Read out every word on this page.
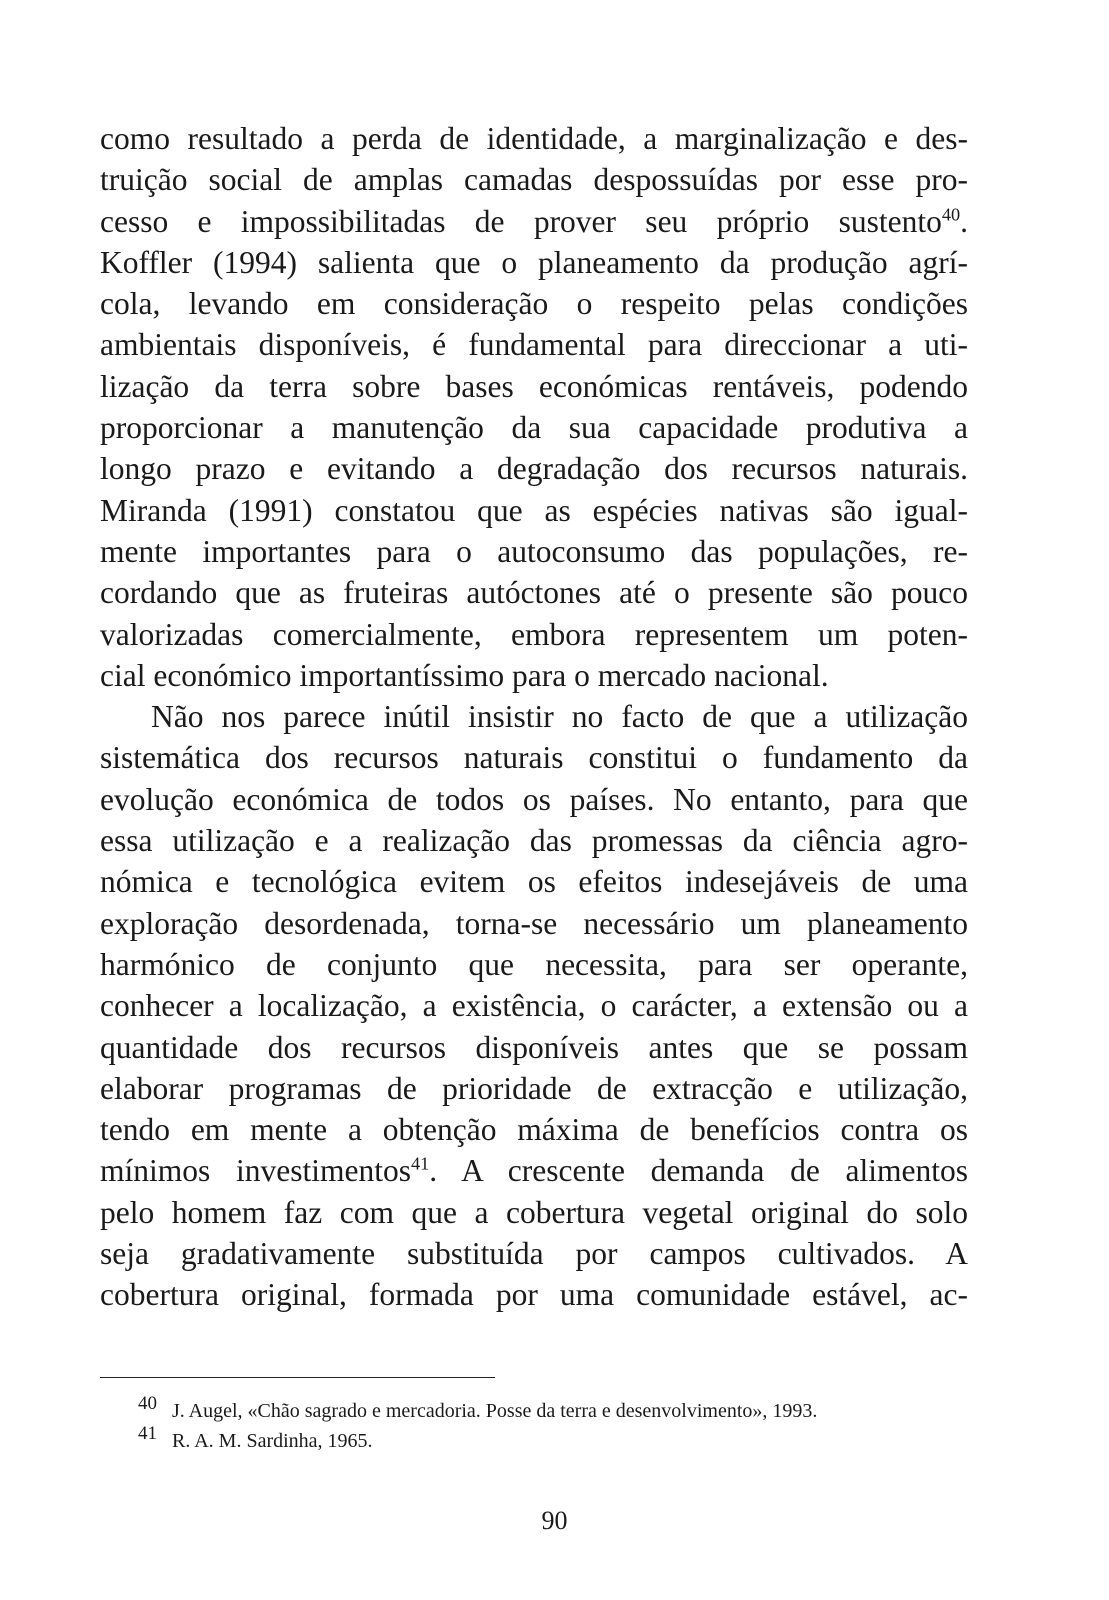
como resultado a perda de identidade, a marginalização e des-
truição social de amplas camadas despossuídas por esse pro-
cesso e impossibilitadas de prover seu próprio sustento$^{40}$.
Koffler (1994) salienta que o planeamento da produção agrí-
cola, levando em consideração o respeito pelas condições
ambientais disponíveis, é fundamental para direccionar a uti-
lização da terra sobre bases económicas rentáveis, podendo
proporcionar a manutenção da sua capacidade produtiva a
longo prazo e evitando a degradação dos recursos naturais.
Miranda (1991) constatou que as espécies nativas são igual-
mente importantes para o autoconsumo das populações, re-
cordando que as fruteiras autóctones até o presente são pouco
valorizadas comercialmente, embora representem um poten-
cial económico importantíssimo para o mercado nacional.
Não nos parece inútil insistir no facto de que a utilização
sistemática dos recursos naturais constitui o fundamento da
evolução económica de todos os países. No entanto, para que
essa utilização e a realização das promessas da ciência agro-
nómica e tecnológica evitem os efeitos indesejáveis de uma
exploração desordenada, torna-se necessário um planeamento
harmónico de conjunto que necessita, para ser operante,
conhecer a localização, a existência, o carácter, a extensão ou a
quantidade dos recursos disponíveis antes que se possam
elaborar programas de prioridade de extracção e utilização,
tendo em mente a obtenção máxima de benefícios contra os
mínimos investimentos$^{41}$. A crescente demanda de alimentos
pelo homem faz com que a cobertura vegetal original do solo
seja gradativamente substituída por campos cultivados. A
cobertura original, formada por uma comunidade estável, ac-
40 J. Augel, «Chão sagrado e mercadoria. Posse da terra e desenvolvimento», 1993.
41 R. A. M. Sardinha, 1965.
90
